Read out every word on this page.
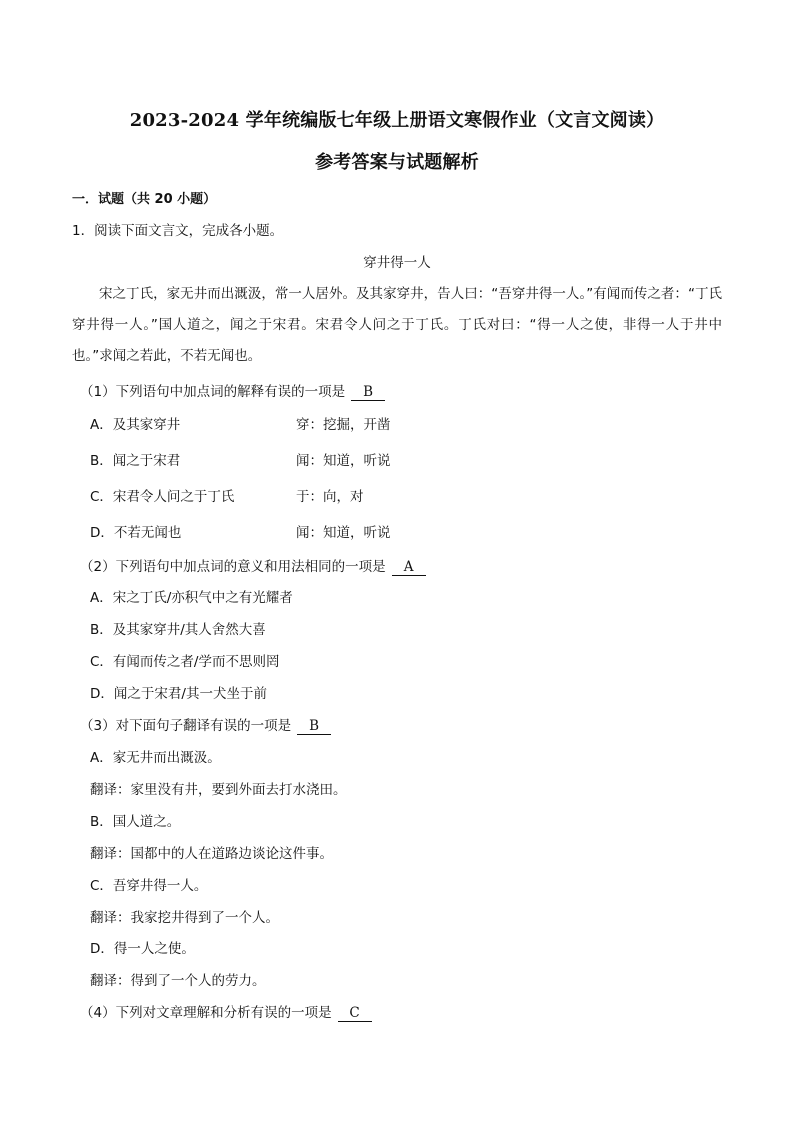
2023-2024 学年统编版七年级上册语文寒假作业（文言文阅读）
参考答案与试题解析
一．试题（共 20 小题）
1．阅读下面文言文，完成各小题。
穿井得一人
宋之丁氏，家无井而出溉汲，常一人居外。及其家穿井，告人曰：“吾穿井得一人。”有闻而传之者：“丁氏穿井得一人。”国人道之，闻之于宋君。宋君令人问之于丁氏。丁氏对曰：“得一人之使，非得一人于井中也。”求闻之若此，不若无闻也。
（1）下列语句中加点词的解释有误的一项是 B
A．及其家穿井	穿：挖掘，开凿
B．闻之于宋君	闻：知道，听说
C．宋君令人问之于丁氏	于：向，对
D．不若无闻也	闻：知道，听说
（2）下列语句中加点词的意义和用法相同的一项是 A
A．宋之丁氏/亦积气中之有光耀者
B．及其家穿井/其人舍然大喜
C．有闻而传之者/学而不思则罔
D．闻之于宋君/其一犬坐于前
（3）对下面句子翻译有误的一项是 B
A．家无井而出溉汲。
翻译：家里没有井，要到外面去打水浇田。
B．国人道之。
翻译：国都中的人在道路边谈论这件事。
C．吾穿井得一人。
翻译：我家挖井得到了一个人。
D．得一人之使。
翻译：得到了一个人的劳力。
（4）下列对文章理解和分析有误的一项是 C
